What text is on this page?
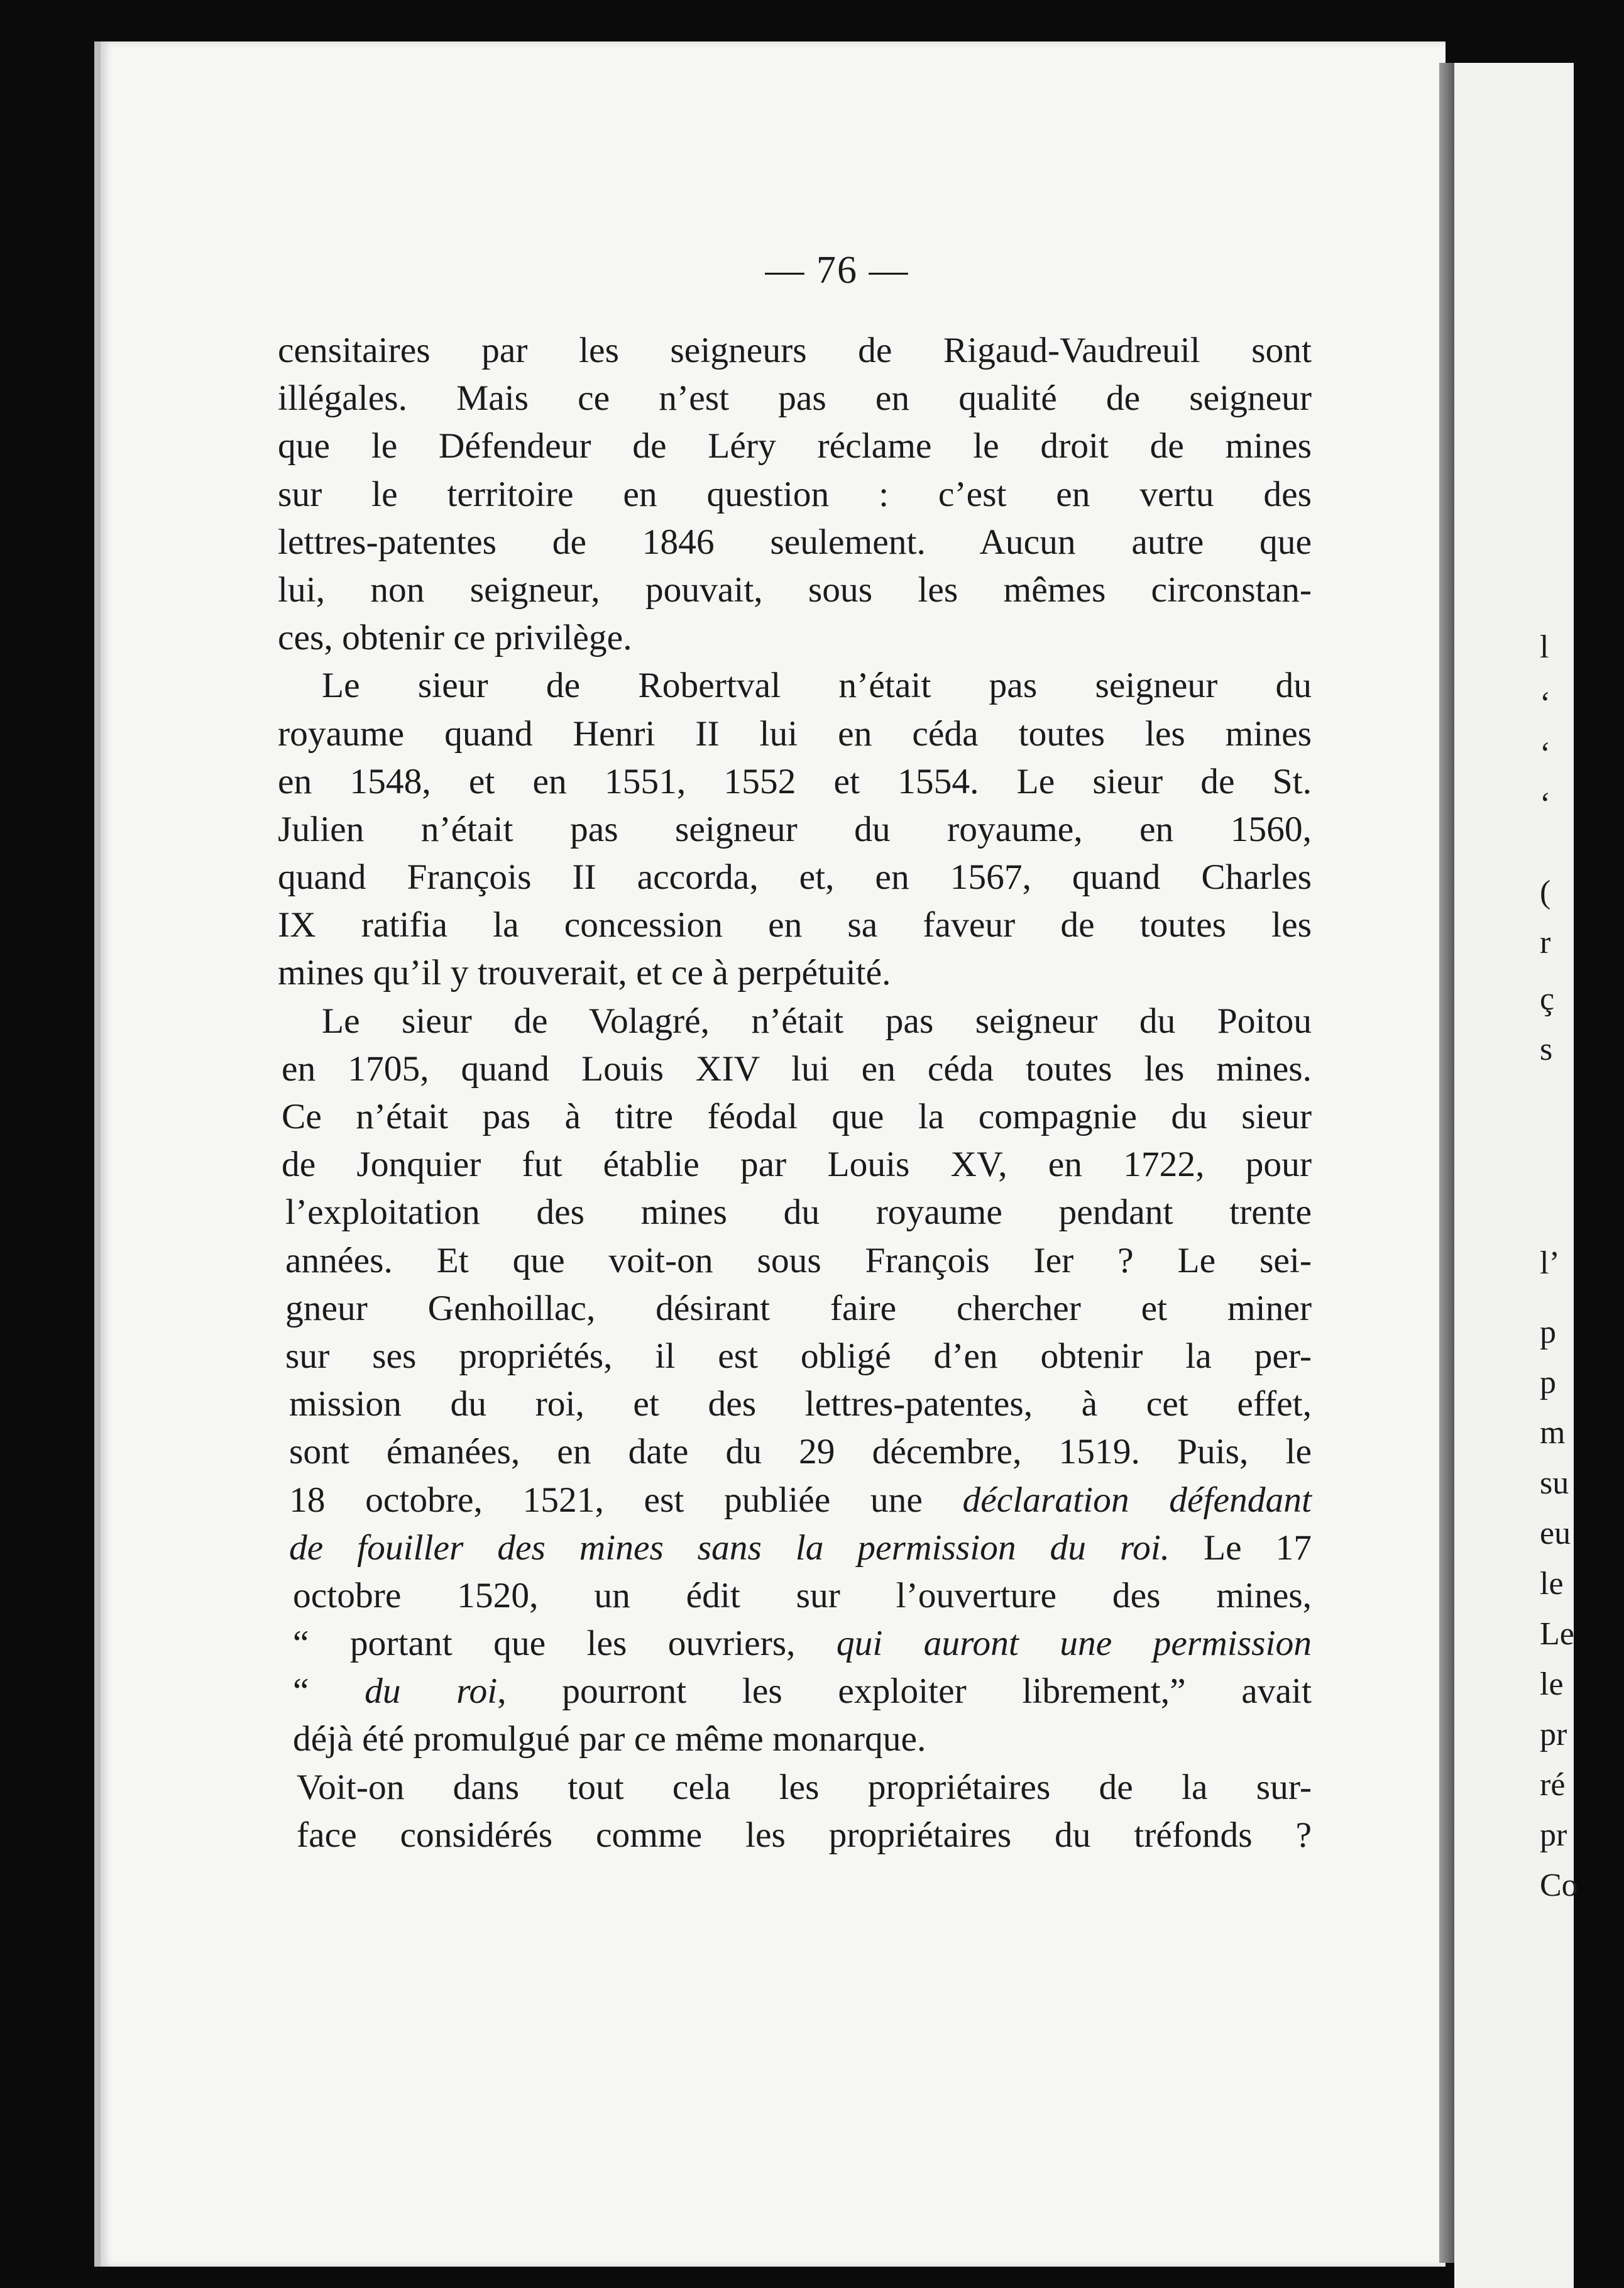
— 76 —
censitaires par les seigneurs de Rigaud-Vaudreuil sont
illégales. Mais ce n’est pas en qualité de seigneur
que le Défendeur de Léry réclame le droit de mines
sur le territoire en question : c’est en vertu des
lettres-patentes de 1846 seulement. Aucun autre que
lui, non seigneur, pouvait, sous les mêmes circonstan-
ces, obtenir ce privilège.
Le sieur de Robertval n’était pas seigneur du
royaume quand Henri II lui en céda toutes les mines
en 1548, et en 1551, 1552 et 1554. Le sieur de St.
Julien n’était pas seigneur du royaume, en 1560,
quand François II accorda, et, en 1567, quand Charles
IX ratifia la concession en sa faveur de toutes les
mines qu’il y trouverait, et ce à perpétuité.
Le sieur de Volagré, n’était pas seigneur du Poitou
en 1705, quand Louis XIV lui en céda toutes les mines.
Ce n’était pas à titre féodal que la compagnie du sieur
de Jonquier fut établie par Louis XV, en 1722, pour
l’exploitation des mines du royaume pendant trente
années. Et que voit-on sous François Ier ? Le sei-
gneur Genhoillac, désirant faire chercher et miner
sur ses propriétés, il est obligé d’en obtenir la per-
mission du roi, et des lettres-patentes, à cet effet,
sont émanées, en date du 29 décembre, 1519. Puis, le
18 octobre, 1521, est publiée une déclaration défendant
de fouiller des mines sans la permission du roi. Le 17
octobre 1520, un édit sur l’ouverture des mines,
“ portant que les ouvriers, qui auront une permission
“ du roi, pourront les exploiter librement,” avait
déjà été promulgué par ce même monarque.
Voit-on dans tout cela les propriétaires de la sur-
face considérés comme les propriétaires du tréfonds ?
l
‘
‘
‘
(
r
ç
s
l’
p
p
m
su
eu
le
Le
le
pr
ré
pr
Co
